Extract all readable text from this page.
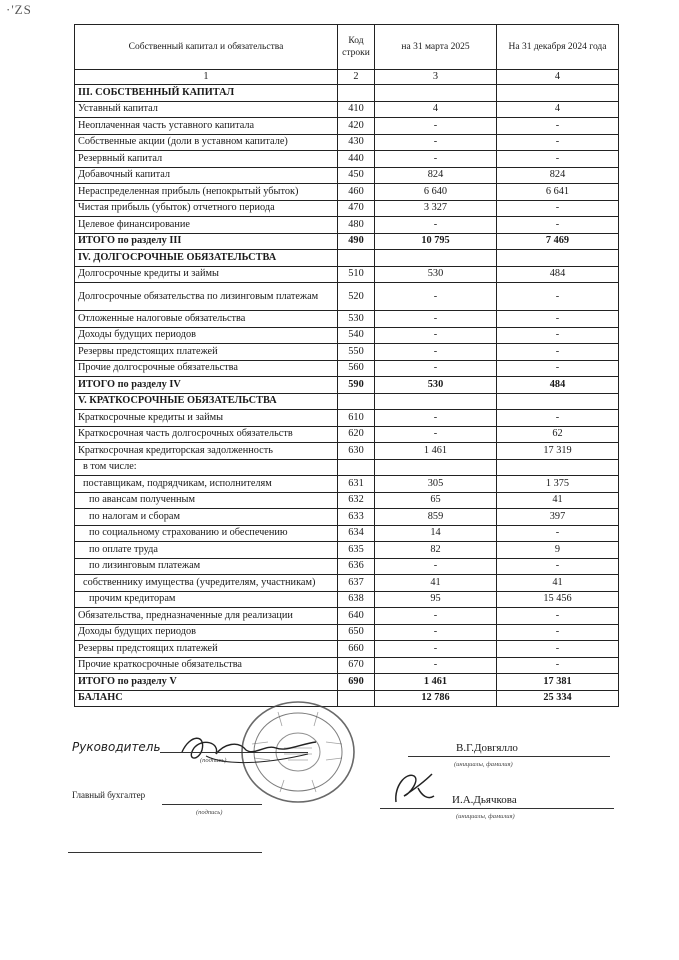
·'ZS
Собственный капитал и обязательства	Код строки	на 31 марта 2025	На 31 декабря 2024 года
1	2	3	4
III. СОБСТВЕННЫЙ КАПИТАЛ			
Уставный капитал	410	4	4
Неоплаченная часть уставного капитала	420	-	-
Собственные акции (доли в уставном капитале)	430	-	-
Резервный капитал	440	-	-
Добавочный капитал	450	824	824
Нераспределенная прибыль (непокрытый убыток)	460	6 640	6 641
Чистая прибыль (убыток) отчетного периода	470	3 327	-
Целевое финансирование	480	-	-
ИТОГО по разделу III	490	10 795	7 469
IV. ДОЛГОСРОЧНЫЕ ОБЯЗАТЕЛЬСТВА			
Долгосрочные кредиты и займы	510	530	484
Долгосрочные обязательства по лизинговым платежам	520	-	-
Отложенные налоговые обязательства	530	-	-
Доходы будущих периодов	540	-	-
Резервы предстоящих платежей	550	-	-
Прочие долгосрочные обязательства	560	-	-
ИТОГО по разделу IV	590	530	484
V. КРАТКОСРОЧНЫЕ ОБЯЗАТЕЛЬСТВА			
Краткосрочные кредиты и займы	610	-	-
Краткосрочная часть долгосрочных обязательств	620	-	62
Краткосрочная кредиторская задолженность	630	1 461	17 319
в том числе:			
поставщикам, подрядчикам, исполнителям	631	305	1 375
по авансам полученным	632	65	41
по налогам и сборам	633	859	397
по социальному страхованию и обеспечению	634	14	-
по оплате труда	635	82	9
по лизинговым платежам	636	-	-
собственнику имущества (учредителям, участникам)	637	41	41
прочим кредиторам	638	95	15 456
Обязательства, предназначенные для реализации	640	-	-
Доходы будущих периодов	650	-	-
Резервы предстоящих платежей	660	-	-
Прочие краткосрочные обязательства	670	-	-
ИТОГО по разделу V	690	1 461	17 381
БАЛАНС		12 786	25 334
Руководитель
(подпись)
В.Г.Довгялло
(инициалы, фамилия)
Главный бухгалтер
(подпись)
И.А.Дьячкова
(инициалы, фамилия)
